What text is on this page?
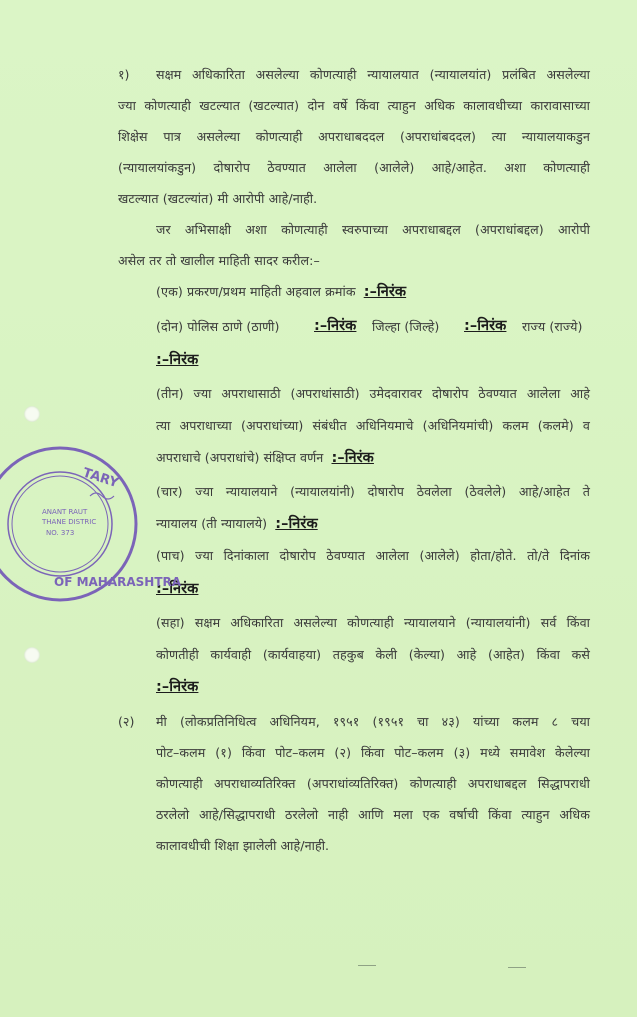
१) सक्षम अधिकारिता असलेल्या कोणत्याही न्यायालयात (न्यायालयांत) प्रलंबित असलेल्या
ज्या कोणत्याही खटल्यात (खटल्यात) दोन वर्षे किंवा त्याहुन अधिक कालावधीच्या कारावासाच्या
शिक्षेस पात्र असलेल्या कोणत्याही अपराधाबददल (अपराधांबददल) त्या न्यायालयाकडुन
(न्यायालयांकडुन) दोषारोप ठेवण्यात आलेला (आलेले) आहे/आहेत. अशा कोणत्याही
खटल्यात (खटल्यांत) मी आरोपी आहे/नाही.
जर अभिसाक्षी अशा कोणत्याही स्वरुपाच्या अपराधाबद्दल (अपराधांबद्दल) आरोपी
असेल तर तो खालील माहिती सादर करील:–
(एक) प्रकरण/प्रथम माहिती अहवाल क्रमांक :–निरंक
(दोन) पोलिस ठाणे (ठाणी) :–निरंक जिल्हा (जिल्हे) :–निरंक राज्य (राज्ये)
:–निरंक
(तीन) ज्या अपराधासाठी (अपराधांसाठी) उमेदवारावर दोषारोप ठेवण्यात आलेला आहे
त्या अपराधाच्या (अपराधांच्या) संबंधीत अधिनियमाचे (अधिनियमांची) कलम (कलमे) व
अपराधाचे (अपराधांचे) संक्षिप्त वर्णन :–निरंक
(चार) ज्या न्यायालयाने (न्यायालयांनी) दोषारोप ठेवलेला (ठेवलेले) आहे/आहेत ते
न्यायालय (ती न्यायालये) :–निरंक
(पाच) ज्या दिनांकाला दोषारोप ठेवण्यात आलेला (आलेले) होता/होते. तो/ते दिनांक
:–निरंक
(सहा) सक्षम अधिकारिता असलेल्या कोणत्याही न्यायालयाने (न्यायालयांनी) सर्व किंवा
कोणतीही कार्यवाही (कार्यवाहया) तहकुब केली (केल्या) आहे (आहेत) किंवा कसे
:–निरंक
(२) मी (लोकप्रतिनिधित्व अधिनियम, १९५१ (१९५१ चा ४३) यांच्या कलम ८ चया
पोट–कलम (१) किंवा पोट–कलम (२) किंवा पोट–कलम (३) मध्ये समावेश केलेल्या
कोणत्याही अपराधाव्यतिरिक्त (अपराधांव्यतिरिक्त) कोणत्याही अपराधाबद्दल सिद्धापराधी
ठरलेलो आहे/सिद्धापराधी ठरलेलो नाही आणि मला एक वर्षाची किंवा त्याहुन अधिक
कालावधीची शिक्षा झालेली आहे/नाही.
TARY
ANANT RAUT
THANE DISTRIC
NO. 373
OF MAHARASHTRA
